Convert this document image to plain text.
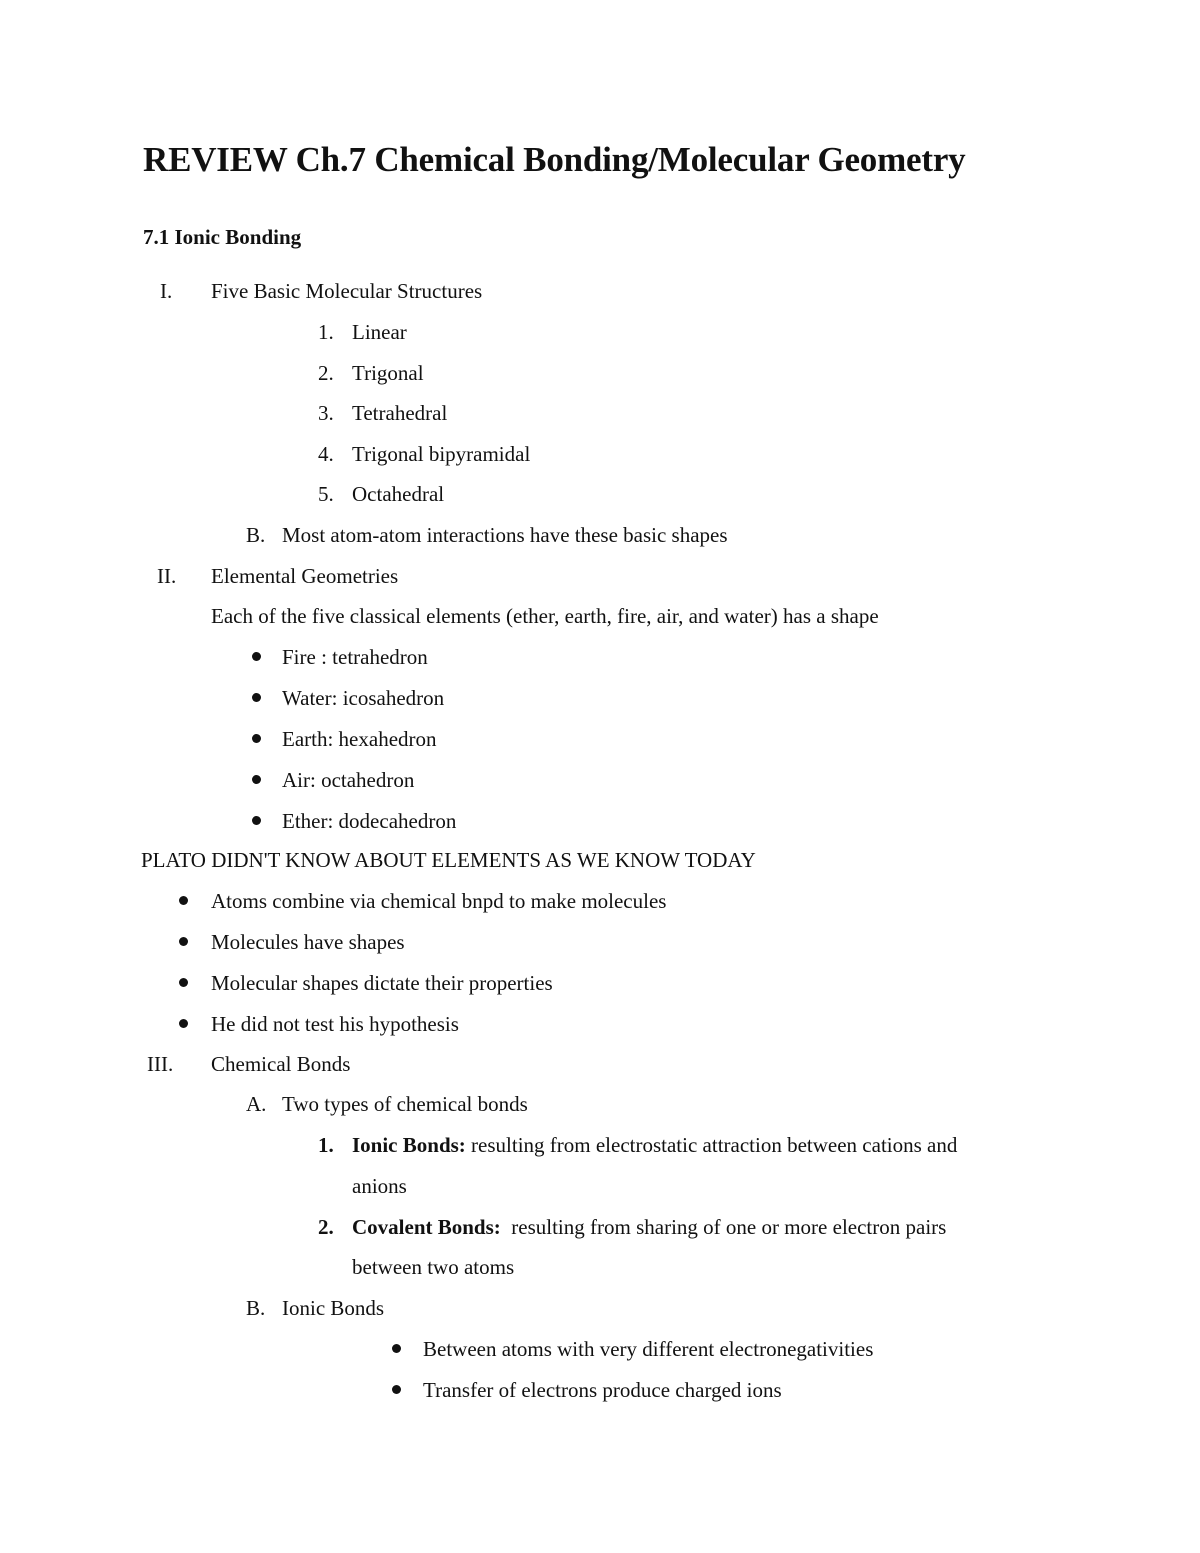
REVIEW Ch.7 Chemical Bonding/Molecular Geometry
7.1 Ionic Bonding
I. Five Basic Molecular Structures
1. Linear
2. Trigonal
3. Tetrahedral
4. Trigonal bipyramidal
5. Octahedral
B. Most atom-atom interactions have these basic shapes
II. Elemental Geometries
Each of the five classical elements (ether, earth, fire, air, and water) has a shape
Fire : tetrahedron
Water: icosahedron
Earth: hexahedron
Air: octahedron
Ether: dodecahedron
PLATO DIDN'T KNOW ABOUT ELEMENTS AS WE KNOW TODAY
Atoms combine via chemical bnpd to make molecules
Molecules have shapes
Molecular shapes dictate their properties
He did not test his hypothesis
III. Chemical Bonds
A. Two types of chemical bonds
1. Ionic Bonds: resulting from electrostatic attraction between cations and
anions
2. Covalent Bonds:  resulting from sharing of one or more electron pairs
between two atoms
B. Ionic Bonds
Between atoms with very different electronegativities
Transfer of electrons produce charged ions
